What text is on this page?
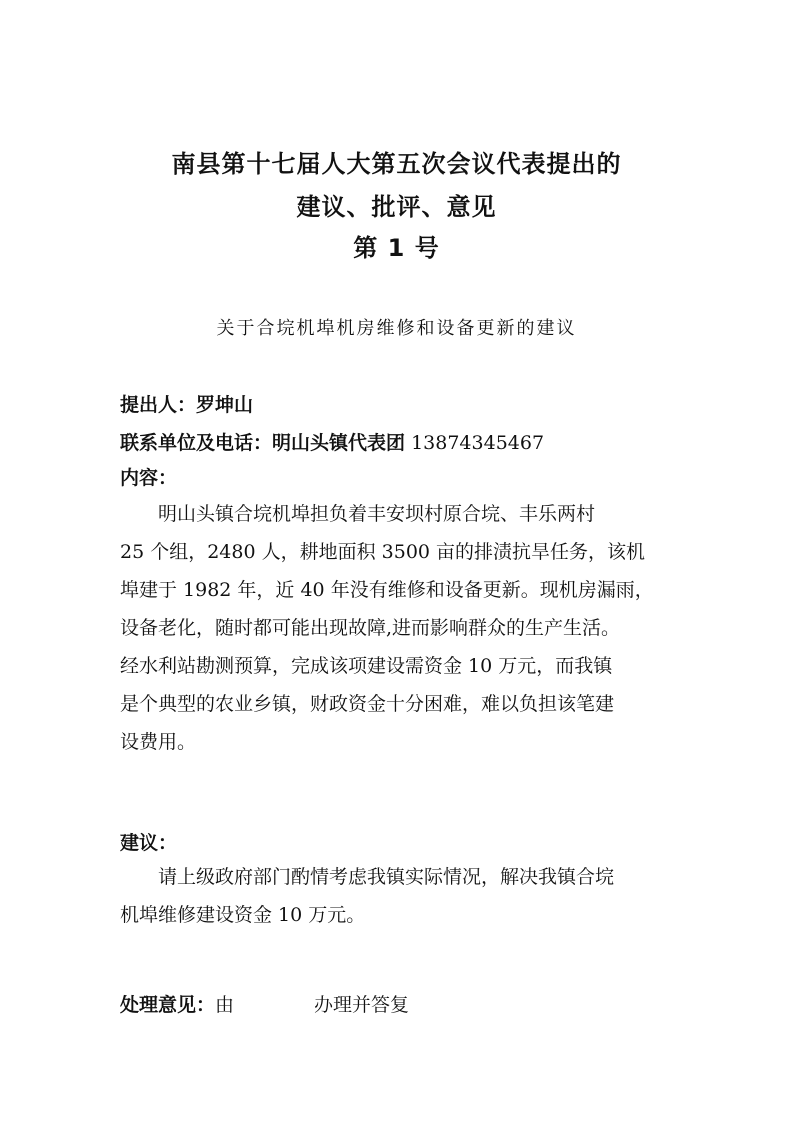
南县第十七届人大第五次会议代表提出的
建议、批评、意见
第 1 号
关于合垸机埠机房维修和设备更新的建议
提出人：罗坤山
联系单位及电话：明山头镇代表团 13874345467
内容：
　　明山头镇合垸机埠担负着丰安坝村原合垸、丰乐两村
25 个组，2480 人，耕地面积 3500 亩的排渍抗旱任务，该机
埠建于 1982 年，近 40 年没有维修和设备更新。现机房漏雨，
设备老化，随时都可能出现故障,进而影响群众的生产生活。
经水利站勘测预算，完成该项建设需资金 10 万元，而我镇
是个典型的农业乡镇，财政资金十分困难，难以负担该笔建
设费用。
建议：
　　请上级政府部门酌情考虑我镇实际情况，解决我镇合垸
机埠维修建设资金 10 万元。
处理意见：由	办理并答复
